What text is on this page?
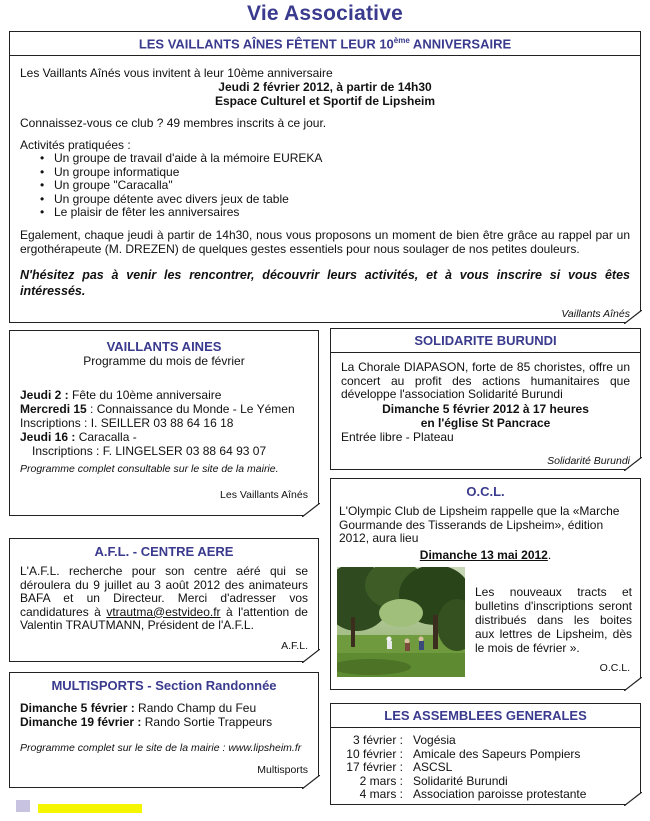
Vie Associative
LES VAILLANTS AÎNES FÊTENT LEUR 10ème ANNIVERSAIRE

Les Vaillants Aînés vous invitent à leur 10ème anniversaire

Jeudi 2 février 2012, à partir de 14h30

Espace Culturel et Sportif de Lipsheim

Connaissez-vous ce club ? 49 membres inscrits à ce jour.

Activités pratiquées :

• Un groupe de travail d'aide à la mémoire EUREKA
• Un groupe informatique
• Un groupe "Caracalla"
• Un groupe détente avec divers jeux de table
• Le plaisir de fêter les anniversaires

Egalement, chaque jeudi à partir de 14h30, nous vous proposons un moment de bien être grâce au rappel par un ergothérapeute (M. DREZEN) de quelques gestes essentiels pour nous soulager de nos petites douleurs.

N'hésitez pas à venir les rencontrer, découvrir leurs activités, et à vous inscrire si vous êtes intéressés.

Vaillants Aînés

VAILLANTS AINES

Programme du mois de février

Jeudi 2 : Fête du 10ème anniversaire

Mercredi 15 : Connaissance du Monde - Le Yémen

Inscriptions : I. SEILLER 03 88 64 16 18

Jeudi 16 : Caracalla -

Inscriptions : F. LINGELSER 03 88 64 93 07

Programme complet consultable sur le site de la mairie.

Les Vaillants Aînés

A.F.L. - CENTRE AERE

L'A.F.L. recherche pour son centre aéré qui se déroulera du 9 juillet au 3 août 2012 des animateurs BAFA et un Directeur. Merci d'adresser vos candidatures à vtrautma@estvideo.fr à l'attention de Valentin TRAUTMANN, Président de l'A.F.L.

A.F.L.

MULTISPORTS - Section Randonnée

Dimanche 5 février : Rando Champ du Feu

Dimanche 19 février : Rando Sortie Trappeurs

Programme complet sur le site de la mairie : www.lipsheim.fr

Multisports

SOLIDARITE BURUNDI

La Chorale DIAPASON, forte de 85 choristes, offre un concert au profit des actions humanitaires que développe l'association Solidarité Burundi

Dimanche 5 février 2012 à 17 heures

en l'église St Pancrace

Entrée libre - Plateau

Solidarité Burundi

O.C.L.

L'Olympic Club de Lipsheim rappelle que la «Marche Gourmande des Tisserands de Lipsheim», édition 2012, aura lieu

Dimanche 13 mai 2012.

Les nouveaux tracts et bulletins d'inscriptions seront distribués dans les boites aux lettres de Lipsheim, dès le mois de février ».

O.C.L.

LES ASSEMBLEES GENERALES
3 février : Vogésia
10 février : Amicale des Sapeurs Pompiers
17 février : ASCSL
2 mars : Solidarité Burundi
4 mars : Association paroisse protestante
